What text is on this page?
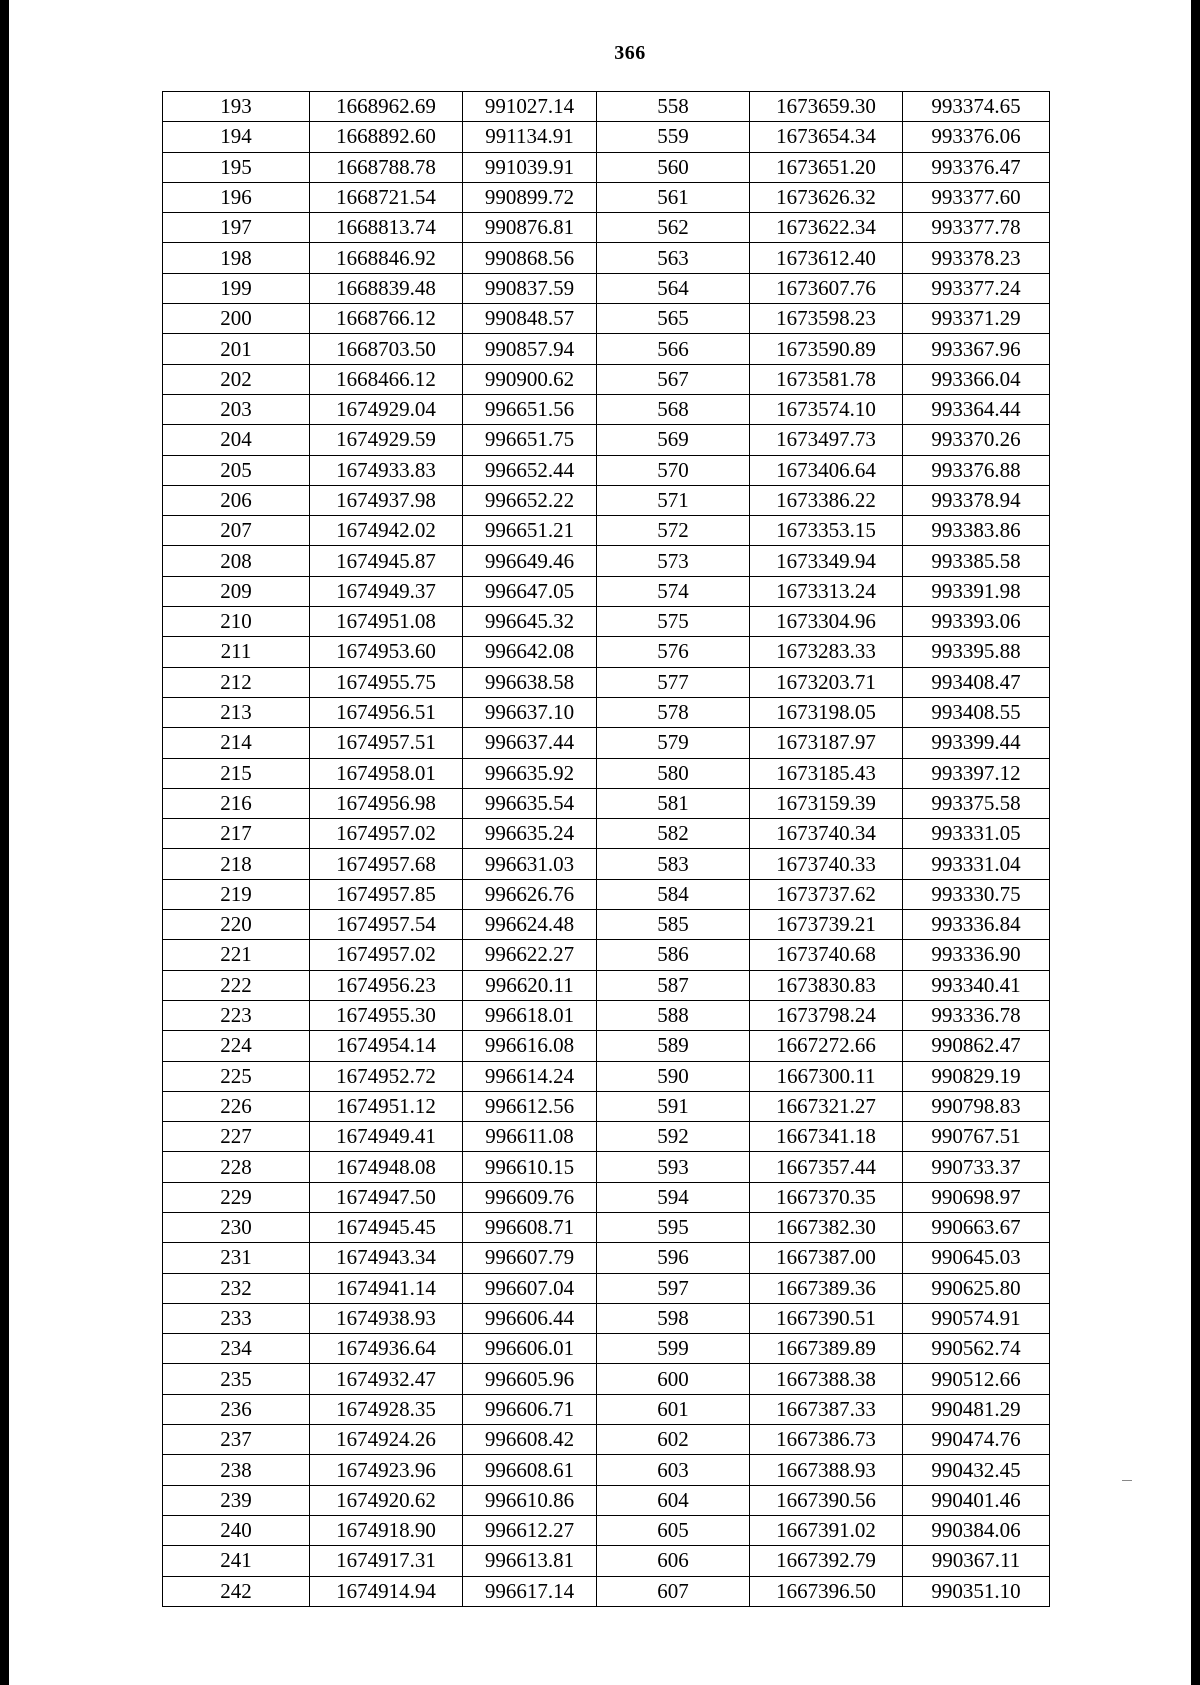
366
193	1668962.69	991027.14	558	1673659.30	993374.65
194	1668892.60	991134.91	559	1673654.34	993376.06
195	1668788.78	991039.91	560	1673651.20	993376.47
196	1668721.54	990899.72	561	1673626.32	993377.60
197	1668813.74	990876.81	562	1673622.34	993377.78
198	1668846.92	990868.56	563	1673612.40	993378.23
199	1668839.48	990837.59	564	1673607.76	993377.24
200	1668766.12	990848.57	565	1673598.23	993371.29
201	1668703.50	990857.94	566	1673590.89	993367.96
202	1668466.12	990900.62	567	1673581.78	993366.04
203	1674929.04	996651.56	568	1673574.10	993364.44
204	1674929.59	996651.75	569	1673497.73	993370.26
205	1674933.83	996652.44	570	1673406.64	993376.88
206	1674937.98	996652.22	571	1673386.22	993378.94
207	1674942.02	996651.21	572	1673353.15	993383.86
208	1674945.87	996649.46	573	1673349.94	993385.58
209	1674949.37	996647.05	574	1673313.24	993391.98
210	1674951.08	996645.32	575	1673304.96	993393.06
211	1674953.60	996642.08	576	1673283.33	993395.88
212	1674955.75	996638.58	577	1673203.71	993408.47
213	1674956.51	996637.10	578	1673198.05	993408.55
214	1674957.51	996637.44	579	1673187.97	993399.44
215	1674958.01	996635.92	580	1673185.43	993397.12
216	1674956.98	996635.54	581	1673159.39	993375.58
217	1674957.02	996635.24	582	1673740.34	993331.05
218	1674957.68	996631.03	583	1673740.33	993331.04
219	1674957.85	996626.76	584	1673737.62	993330.75
220	1674957.54	996624.48	585	1673739.21	993336.84
221	1674957.02	996622.27	586	1673740.68	993336.90
222	1674956.23	996620.11	587	1673830.83	993340.41
223	1674955.30	996618.01	588	1673798.24	993336.78
224	1674954.14	996616.08	589	1667272.66	990862.47
225	1674952.72	996614.24	590	1667300.11	990829.19
226	1674951.12	996612.56	591	1667321.27	990798.83
227	1674949.41	996611.08	592	1667341.18	990767.51
228	1674948.08	996610.15	593	1667357.44	990733.37
229	1674947.50	996609.76	594	1667370.35	990698.97
230	1674945.45	996608.71	595	1667382.30	990663.67
231	1674943.34	996607.79	596	1667387.00	990645.03
232	1674941.14	996607.04	597	1667389.36	990625.80
233	1674938.93	996606.44	598	1667390.51	990574.91
234	1674936.64	996606.01	599	1667389.89	990562.74
235	1674932.47	996605.96	600	1667388.38	990512.66
236	1674928.35	996606.71	601	1667387.33	990481.29
237	1674924.26	996608.42	602	1667386.73	990474.76
238	1674923.96	996608.61	603	1667388.93	990432.45
239	1674920.62	996610.86	604	1667390.56	990401.46
240	1674918.90	996612.27	605	1667391.02	990384.06
241	1674917.31	996613.81	606	1667392.79	990367.11
242	1674914.94	996617.14	607	1667396.50	990351.10
